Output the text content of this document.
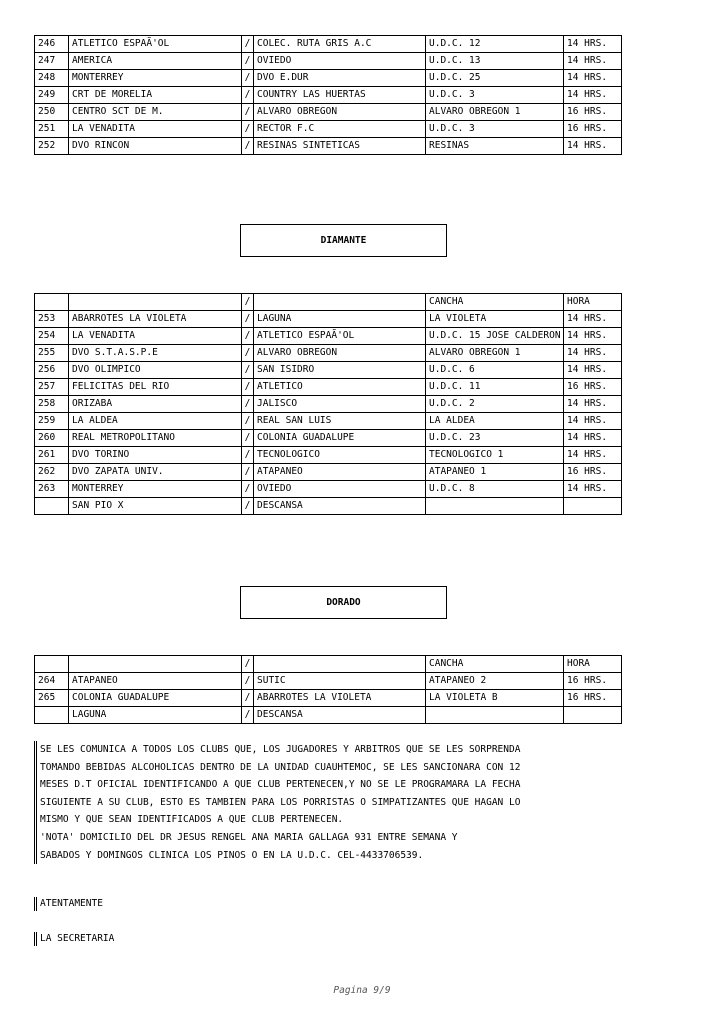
246	ATLETICO ESPAÃ'OL	/	COLEC. RUTA GRIS A.C	U.D.C. 12	14 HRS.
247	AMERICA	/	OVIEDO	U.D.C. 13	14 HRS.
248	MONTERREY	/	DVO E.DUR	U.D.C. 25	14 HRS.
249	CRT DE MORELIA	/	COUNTRY LAS HUERTAS	U.D.C. 3	14 HRS.
250	CENTRO SCT DE M.	/	ALVARO OBREGON	ALVARO OBREGON 1	16 HRS.
251	LA VENADITA	/	RECTOR F.C	U.D.C. 3	16 HRS.
252	DVO RINCON	/	RESINAS SINTETICAS	RESINAS	14 HRS.
DIAMANTE
		/		CANCHA	HORA
253	ABARROTES LA VIOLETA	/	LAGUNA	LA VIOLETA	14 HRS.
254	LA VENADITA	/	ATLETICO ESPAÃ'OL	U.D.C. 15 JOSE CALDERON	14 HRS.
255	DVO S.T.A.S.P.E	/	ALVARO OBREGON	ALVARO OBREGON 1	14 HRS.
256	DVO OLIMPICO	/	SAN ISIDRO	U.D.C. 6	14 HRS.
257	FELICITAS DEL RIO	/	ATLETICO	U.D.C. 11	16 HRS.
258	ORIZABA	/	JALISCO	U.D.C. 2	14 HRS.
259	LA ALDEA	/	REAL SAN LUIS	LA ALDEA	14 HRS.
260	REAL METROPOLITANO	/	COLONIA GUADALUPE	U.D.C. 23	14 HRS.
261	DVO TORINO	/	TECNOLOGICO	TECNOLOGICO 1	14 HRS.
262	DVO ZAPATA UNIV.	/	ATAPANEO	ATAPANEO 1	16 HRS.
263	MONTERREY	/	OVIEDO	U.D.C. 8	14 HRS.
	SAN PIO X	/	DESCANSA		
DORADO
		/		CANCHA	HORA
264	ATAPANEO	/	SUTIC	ATAPANEO 2	16 HRS.
265	COLONIA GUADALUPE	/	ABARROTES LA VIOLETA	LA VIOLETA B	16 HRS.
	LAGUNA	/	DESCANSA		
SE LES COMUNICA A TODOS LOS CLUBS QUE, LOS JUGADORES Y ARBITROS QUE SE LES SORPRENDA
TOMANDO BEBIDAS ALCOHOLICAS DENTRO DE LA UNIDAD CUAUHTEMOC, SE LES SANCIONARA CON 12
MESES D.T OFICIAL IDENTIFICANDO A QUE CLUB PERTENECEN,Y NO SE LE PROGRAMARA LA FECHA
SIGUIENTE A SU CLUB, ESTO ES TAMBIEN PARA LOS PORRISTAS O SIMPATIZANTES QUE HAGAN LO
MISMO Y QUE SEAN IDENTIFICADOS A QUE CLUB PERTENECEN.
'NOTA' DOMICILIO DEL DR JESUS RENGEL ANA MARIA GALLAGA 931 ENTRE SEMANA Y
SABADOS Y DOMINGOS CLINICA LOS PINOS O EN LA U.D.C. CEL-4433706539.
ATENTAMENTE
LA SECRETARIA
Pagina 9/9
